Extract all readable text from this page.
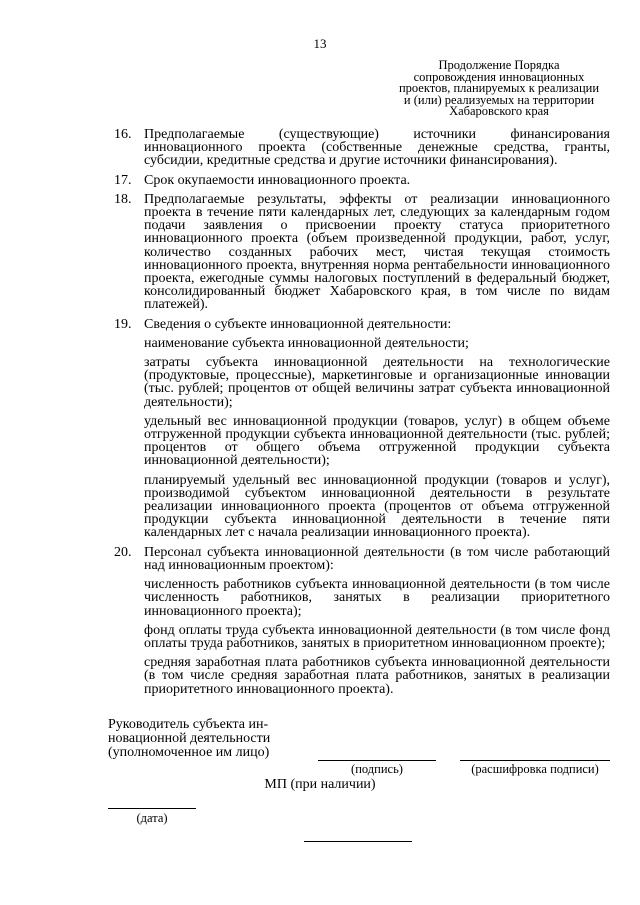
13
Продолжение Порядка
сопровождения инновационных
проектов, планируемых к реализации
и (или) реализуемых на территории
Хабаровского края
16. Предполагаемые (существующие) источники финансирования инновационного проекта (собственные денежные средства, гранты, субсидии, кредитные средства и другие источники финансирования).
17. Срок окупаемости инновационного проекта.
18. Предполагаемые результаты, эффекты от реализации инновационного проекта в течение пяти календарных лет, следующих за календарным годом подачи заявления о присвоении проекту статуса приоритетного инновационного проекта (объем произведенной продукции, работ, услуг, количество созданных рабочих мест, чистая текущая стоимость инновационного проекта, внутренняя норма рентабельности инновационного проекта, ежегодные суммы налоговых поступлений в федеральный бюджет, консолидированный бюджет Хабаровского края, в том числе по видам платежей).
19. Сведения о субъекте инновационной деятельности:
наименование субъекта инновационной деятельности;
затраты субъекта инновационной деятельности на технологические (продуктовые, процессные), маркетинговые и организационные инновации (тыс. рублей; процентов от общей величины затрат субъекта инновационной деятельности);
удельный вес инновационной продукции (товаров, услуг) в общем объеме отгруженной продукции субъекта инновационной деятельности (тыс. рублей; процентов от общего объема отгруженной продукции субъекта инновационной деятельности);
планируемый удельный вес инновационной продукции (товаров и услуг), производимой субъектом инновационной деятельности в результате реализации инновационного проекта (процентов от объема отгруженной продукции субъекта инновационной деятельности в течение пяти календарных лет с начала реализации инновационного проекта).
20. Персонал субъекта инновационной деятельности (в том числе работающий над инновационным проектом):
численность работников субъекта инновационной деятельности (в том числе численность работников, занятых в реализации приоритетного инновационного проекта);
фонд оплаты труда субъекта инновационной деятельности (в том числе фонд оплаты труда работников, занятых в приоритетном инновационном проекте);
средняя заработная плата работников субъекта инновационной деятельности (в том числе средняя заработная плата работников, занятых в реализации приоритетного инновационного проекта).
Руководитель субъекта ин-
новационной деятельности
(уполномоченное им лицо)
(подпись)	(расшифровка подписи)
МП (при наличии)
(дата)
